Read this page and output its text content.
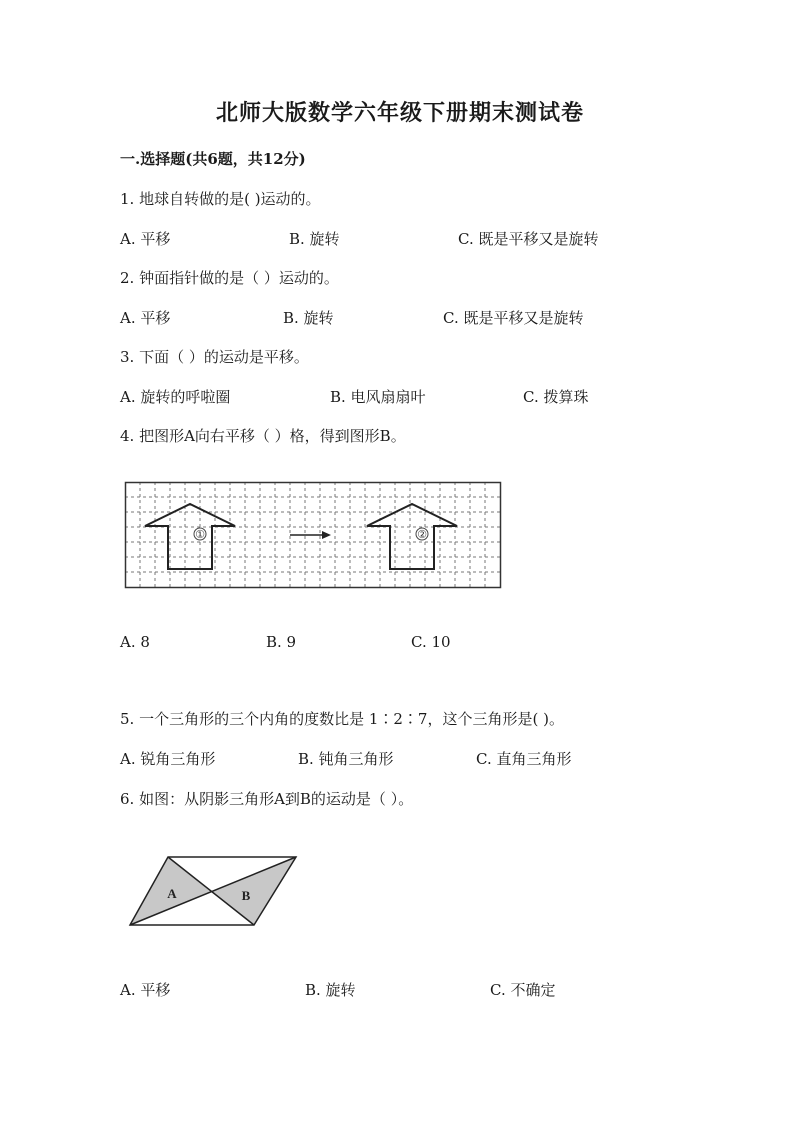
北师大版数学六年级下册期末测试卷
一.选择题(共6题，共12分)
1. 地球自转做的是( )运动的。
A. 平移	B. 旋转	C. 既是平移又是旋转
2. 钟面指针做的是（ ）运动的。
A. 平移	B. 旋转	C. 既是平移又是旋转
3. 下面（ ）的运动是平移。
A. 旋转的呼啦圈	B. 电风扇扇叶	C. 拨算珠
4. 把图形A向右平移（ ）格，得到图形B。
①	②
A. 8	B. 9	C. 10
5. 一个三角形的三个内角的度数比是 1∶2∶7，这个三角形是( )。
A. 锐角三角形	B. 钝角三角形	C. 直角三角形
6. 如图：从阴影三角形A到B的运动是（ ）。
A	B
A. 平移	B. 旋转	C. 不确定
